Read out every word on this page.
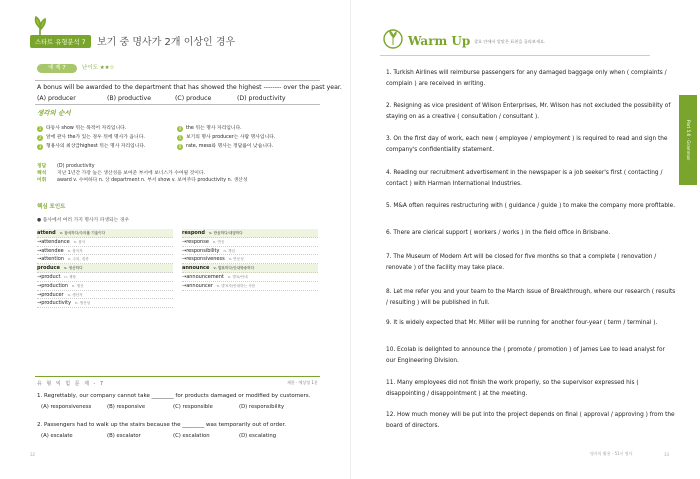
스타트 유형분석 7	보기 중 명사가 2개 이상인 경우
예 제 7	난이도 ★★☆
A bonus will be awarded to the department that has showed the highest -------- over the past year.
(A) producer	(B) productive	(C) produce	(D) productivity
생각의 순서
1 타동사 show 뒤는 목적어 자리입니다.
2 앞에 관사 the가 있는 경우 뒤에 명사가 옵니다.
3 형용사의 최상급highest 뒤는 명사 자리입니다.
4 the 뒤는 명사 자리입니다.
5 보기의 명사 producer는 사람 명사입니다.
6 rate, mess와 명사는 정답률이 낮습니다.
정답	(D) productivity
해석	지난 1년간 가장 높은 생산성을 보여준 부서에 보너스가 수여될 것이다.
어휘	award v. 수여하다 n. 상 department n. 부서 show v. 보여주다 productivity n. 생산성
핵심 포인트
● 품사에서 여러 가지 명사가 파생되는 경우
attend v. 참석하다/주의를 기울이다
→attendance n. 참석
→attendee n. 참석자
→attention n. 주의, 집중
produce v. 생산하다
→product n. 제품
→production n. 생산
→producer n. 생산자
→productivity n. 생산성
respond v. 반응하다/대답하다
→response n. 반응
→responsibility n. 책임
→responsiveness n. 반응성
announce v. 발표하다/안내방송하다
→announcement n. 발표/안내
→announcer n. 발표자/안내하는 사람
유 형 익 힘 문 제 - 7	제한 · 예상정 1분
1. Regrettably, our company cannot take ________ for products damaged or modified by customers.
(A) responsiveness	(B) responsive	(C) responsible	(D) responsibility
2. Passengers had to walk up the stairs because the ________ was temporarily out of order.
(A) escalate	(B) escalator	(C) escalation	(D) escalating
32
Warm Up 괄호 안에서 알맞은 표현을 골라보세요.
Part 5.6 · Grammar
1. Turkish Airlines will reimburse passengers for any damaged baggage only when ( complaints / complain ) are received in writing.
2. Resigning as vice president of Wilson Enterprises, Mr. Wilson has not excluded the possibility of staying on as a creative ( consultation / consultant ).
3. On the first day of work, each new ( employee / employment ) is required to read and sign the company's confidentiality statement.
4. Reading our recruitment advertisement in the newspaper is a job seeker's first ( contacting / contact ) with Harman International Industries.
5. M&A often requires restructuring with ( guidance / guide ) to make the company more profitable.
6. There are clerical support ( workers / works ) in the field office in Brisbane.
7. The Museum of Modern Art will be closed for five months so that a complete ( renovation / renovate ) of the facility may take place.
8. Let me refer you and your team to the March issue of Breakthrough, where our research ( results / resulting ) will be published in full.
9. It is widely expected that Mr. Miller will be running for another four-year ( term / terminal ).
10. Ecolab is delighted to announce the ( promote / promotion ) of James Lee to lead analyst for our Engineering Division.
11. Many employees did not finish the work properly, so the supervisor expressed his ( disappointing / disappointment ) at the meeting.
12. How much money will be put into the project depends on final ( approval / approving ) from the board of directors.
명사의 활용 - 51시 명사	33
